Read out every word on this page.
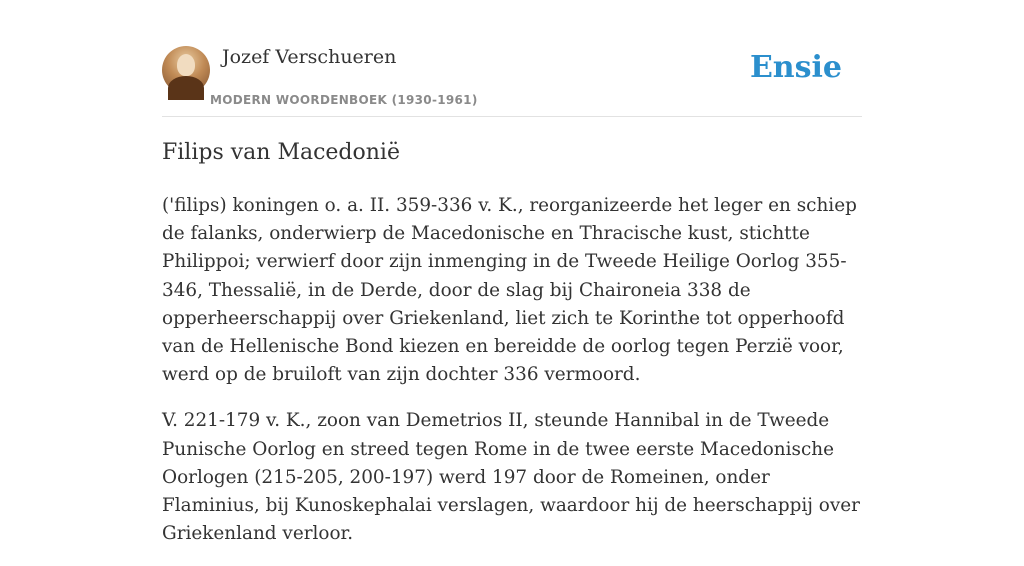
Jozef Verschueren
MODERN WOORDENBOEK (1930-1961)
Ensie
Filips van Macedonië

('filips) koningen o. a. II. 359-336 v. K., reorganizeerde het leger en schiep de falanks, onderwierp de Macedonische en Thracische kust, stichtte Philippoi; verwierf door zijn inmenging in de Tweede Heilige Oorlog 355-346, Thessalië, in de Derde, door de slag bij Chaironeia 338 de opperheerschappij over Griekenland, liet zich te Korinthe tot opperhoofd van de Hellenische Bond kiezen en bereidde de oorlog tegen Perzië voor, werd op de bruiloft van zijn dochter 336 vermoord.

V. 221-179 v. K., zoon van Demetrios II, steunde Hannibal in de Tweede Punische Oorlog en streed tegen Rome in de twee eerste Macedonische Oorlogen (215-205, 200-197) werd 197 door de Romeinen, onder Flaminius, bij Kunoskephalai verslagen, waardoor hij de heerschappij over Griekenland verloor.
